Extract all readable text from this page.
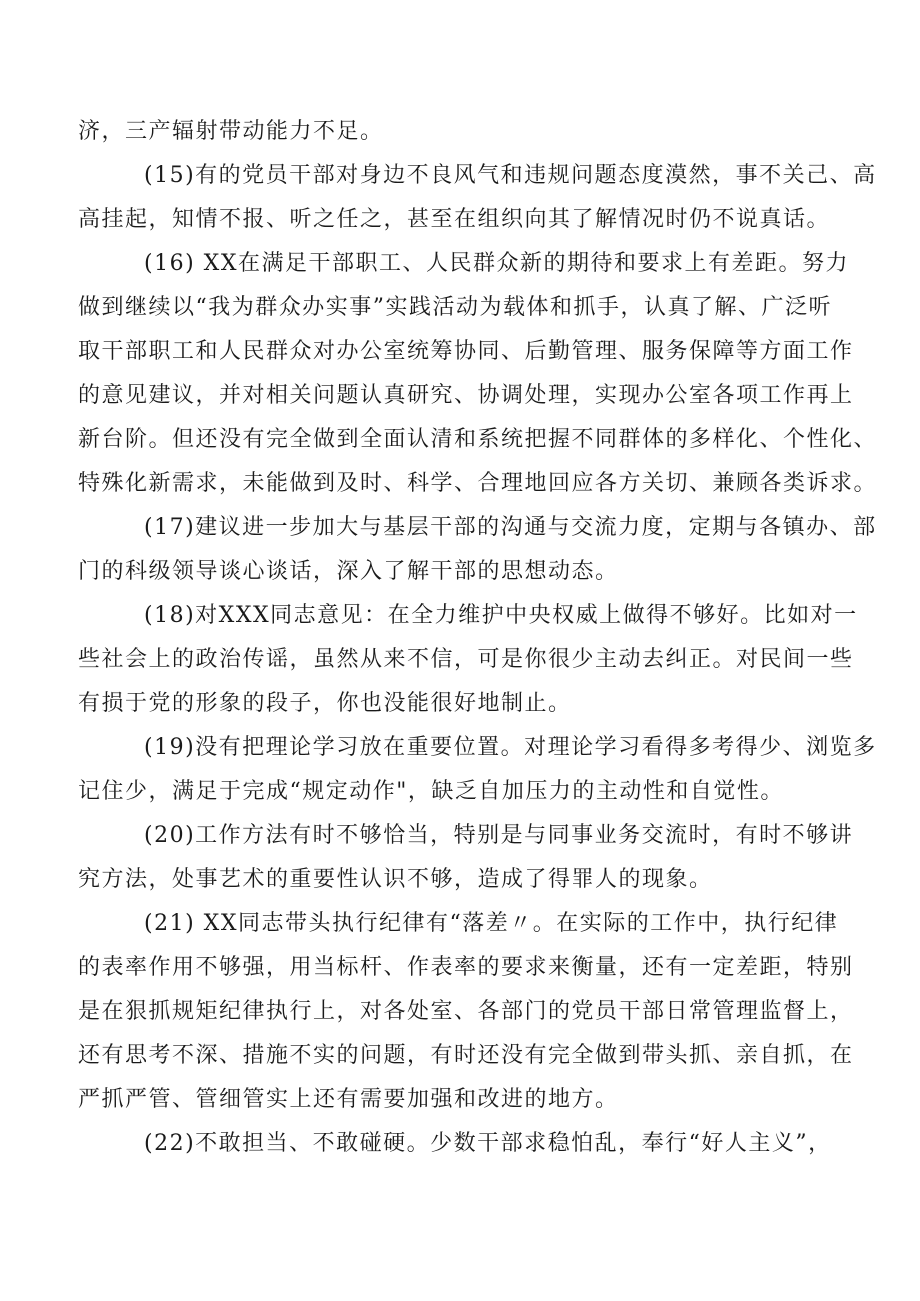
济，三产辐射带动能力不足。
(15)有的党员干部对身边不良风气和违规问题态度漠然，事不关己、高
高挂起，知情不报、听之任之，甚至在组织向其了解情况时仍不说真话。
(16) XX在满足干部职工、人民群众新的期待和要求上有差距。努力
做到继续以“我为群众办实事”实践活动为载体和抓手，认真了解、广泛听
取干部职工和人民群众对办公室统筹协同、后勤管理、服务保障等方面工作
的意见建议，并对相关问题认真研究、协调处理，实现办公室各项工作再上
新台阶。但还没有完全做到全面认清和系统把握不同群体的多样化、个性化、
特殊化新需求，未能做到及时、科学、合理地回应各方关切、兼顾各类诉求。
(17)建议进一步加大与基层干部的沟通与交流力度，定期与各镇办、部
门的科级领导谈心谈话，深入了解干部的思想动态。
(18)对XXX同志意见：在全力维护中央权威上做得不够好。比如对一
些社会上的政治传谣，虽然从来不信，可是你很少主动去纠正。对民间一些
有损于党的形象的段子，你也没能很好地制止。
(19)没有把理论学习放在重要位置。对理论学习看得多考得少、浏览多
记住少，满足于完成“规定动作"，缺乏自加压力的主动性和自觉性。
(20)工作方法有时不够恰当，特别是与同事业务交流时，有时不够讲
究方法，处事艺术的重要性认识不够，造成了得罪人的现象。
(21) XX同志带头执行纪律有“落差〃。在实际的工作中，执行纪律
的表率作用不够强，用当标杆、作表率的要求来衡量，还有一定差距，特别
是在狠抓规矩纪律执行上，对各处室、各部门的党员干部日常管理监督上，
还有思考不深、措施不实的问题，有时还没有完全做到带头抓、亲自抓，在
严抓严管、管细管实上还有需要加强和改进的地方。
(22)不敢担当、不敢碰硬。少数干部求稳怕乱，奉行“好人主义”，
